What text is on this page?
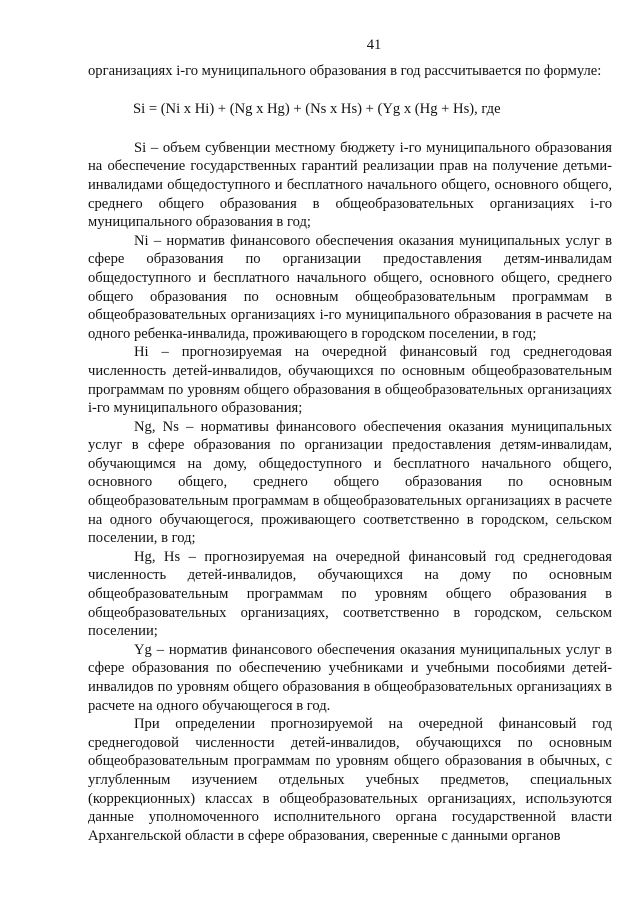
41

организациях i-го муниципального образования в год рассчитывается по формуле:

Si = (Ni x Hi) + (Ng x Hg) + (Ns x Hs) + (Yg x (Hg + Hs), где

Si – объем субвенции местному бюджету i-го муниципального образования на обеспечение государственных гарантий реализации прав на получение детьми-инвалидами общедоступного и бесплатного начального общего, основного общего, среднего общего образования в общеобразовательных организациях i-го муниципального образования в год;

Ni – норматив финансового обеспечения оказания муниципальных услуг в сфере образования по организации предоставления детям-инвалидам общедоступного и бесплатного начального общего, основного общего, среднего общего образования по основным общеобразовательным программам в общеобразовательных организациях i-го муниципального образования в расчете на одного ребенка-инвалида, проживающего в городском поселении, в год;

Hi – прогнозируемая на очередной финансовый год среднегодовая численность детей-инвалидов, обучающихся по основным общеобразовательным программам по уровням общего образования в общеобразовательных организациях i-го муниципального образования;

Ng, Ns – нормативы финансового обеспечения оказания муниципальных услуг в сфере образования по организации предоставления детям-инвалидам, обучающимся на дому, общедоступного и бесплатного начального общего, основного общего, среднего общего образования по основным общеобразовательным программам в общеобразовательных организациях в расчете на одного обучающегося, проживающего соответственно в городском, сельском поселении, в год;

Hg, Hs – прогнозируемая на очередной финансовый год среднегодовая численность детей-инвалидов, обучающихся на дому по основным общеобразовательным программам по уровням общего образования в общеобразовательных организациях, соответственно в городском, сельском поселении;

Yg – норматив финансового обеспечения оказания муниципальных услуг в сфере образования по обеспечению учебниками и учебными пособиями детей-инвалидов по уровням общего образования в общеобразовательных организациях в расчете на одного обучающегося в год.

При определении прогнозируемой на очередной финансовый год среднегодовой численности детей-инвалидов, обучающихся по основным общеобразовательным программам по уровням общего образования в обычных, с углубленным изучением отдельных учебных предметов, специальных (коррекционных) классах в общеобразовательных организациях, используются данные уполномоченного исполнительного органа государственной власти Архангельской области в сфере образования, сверенные с данными органов
